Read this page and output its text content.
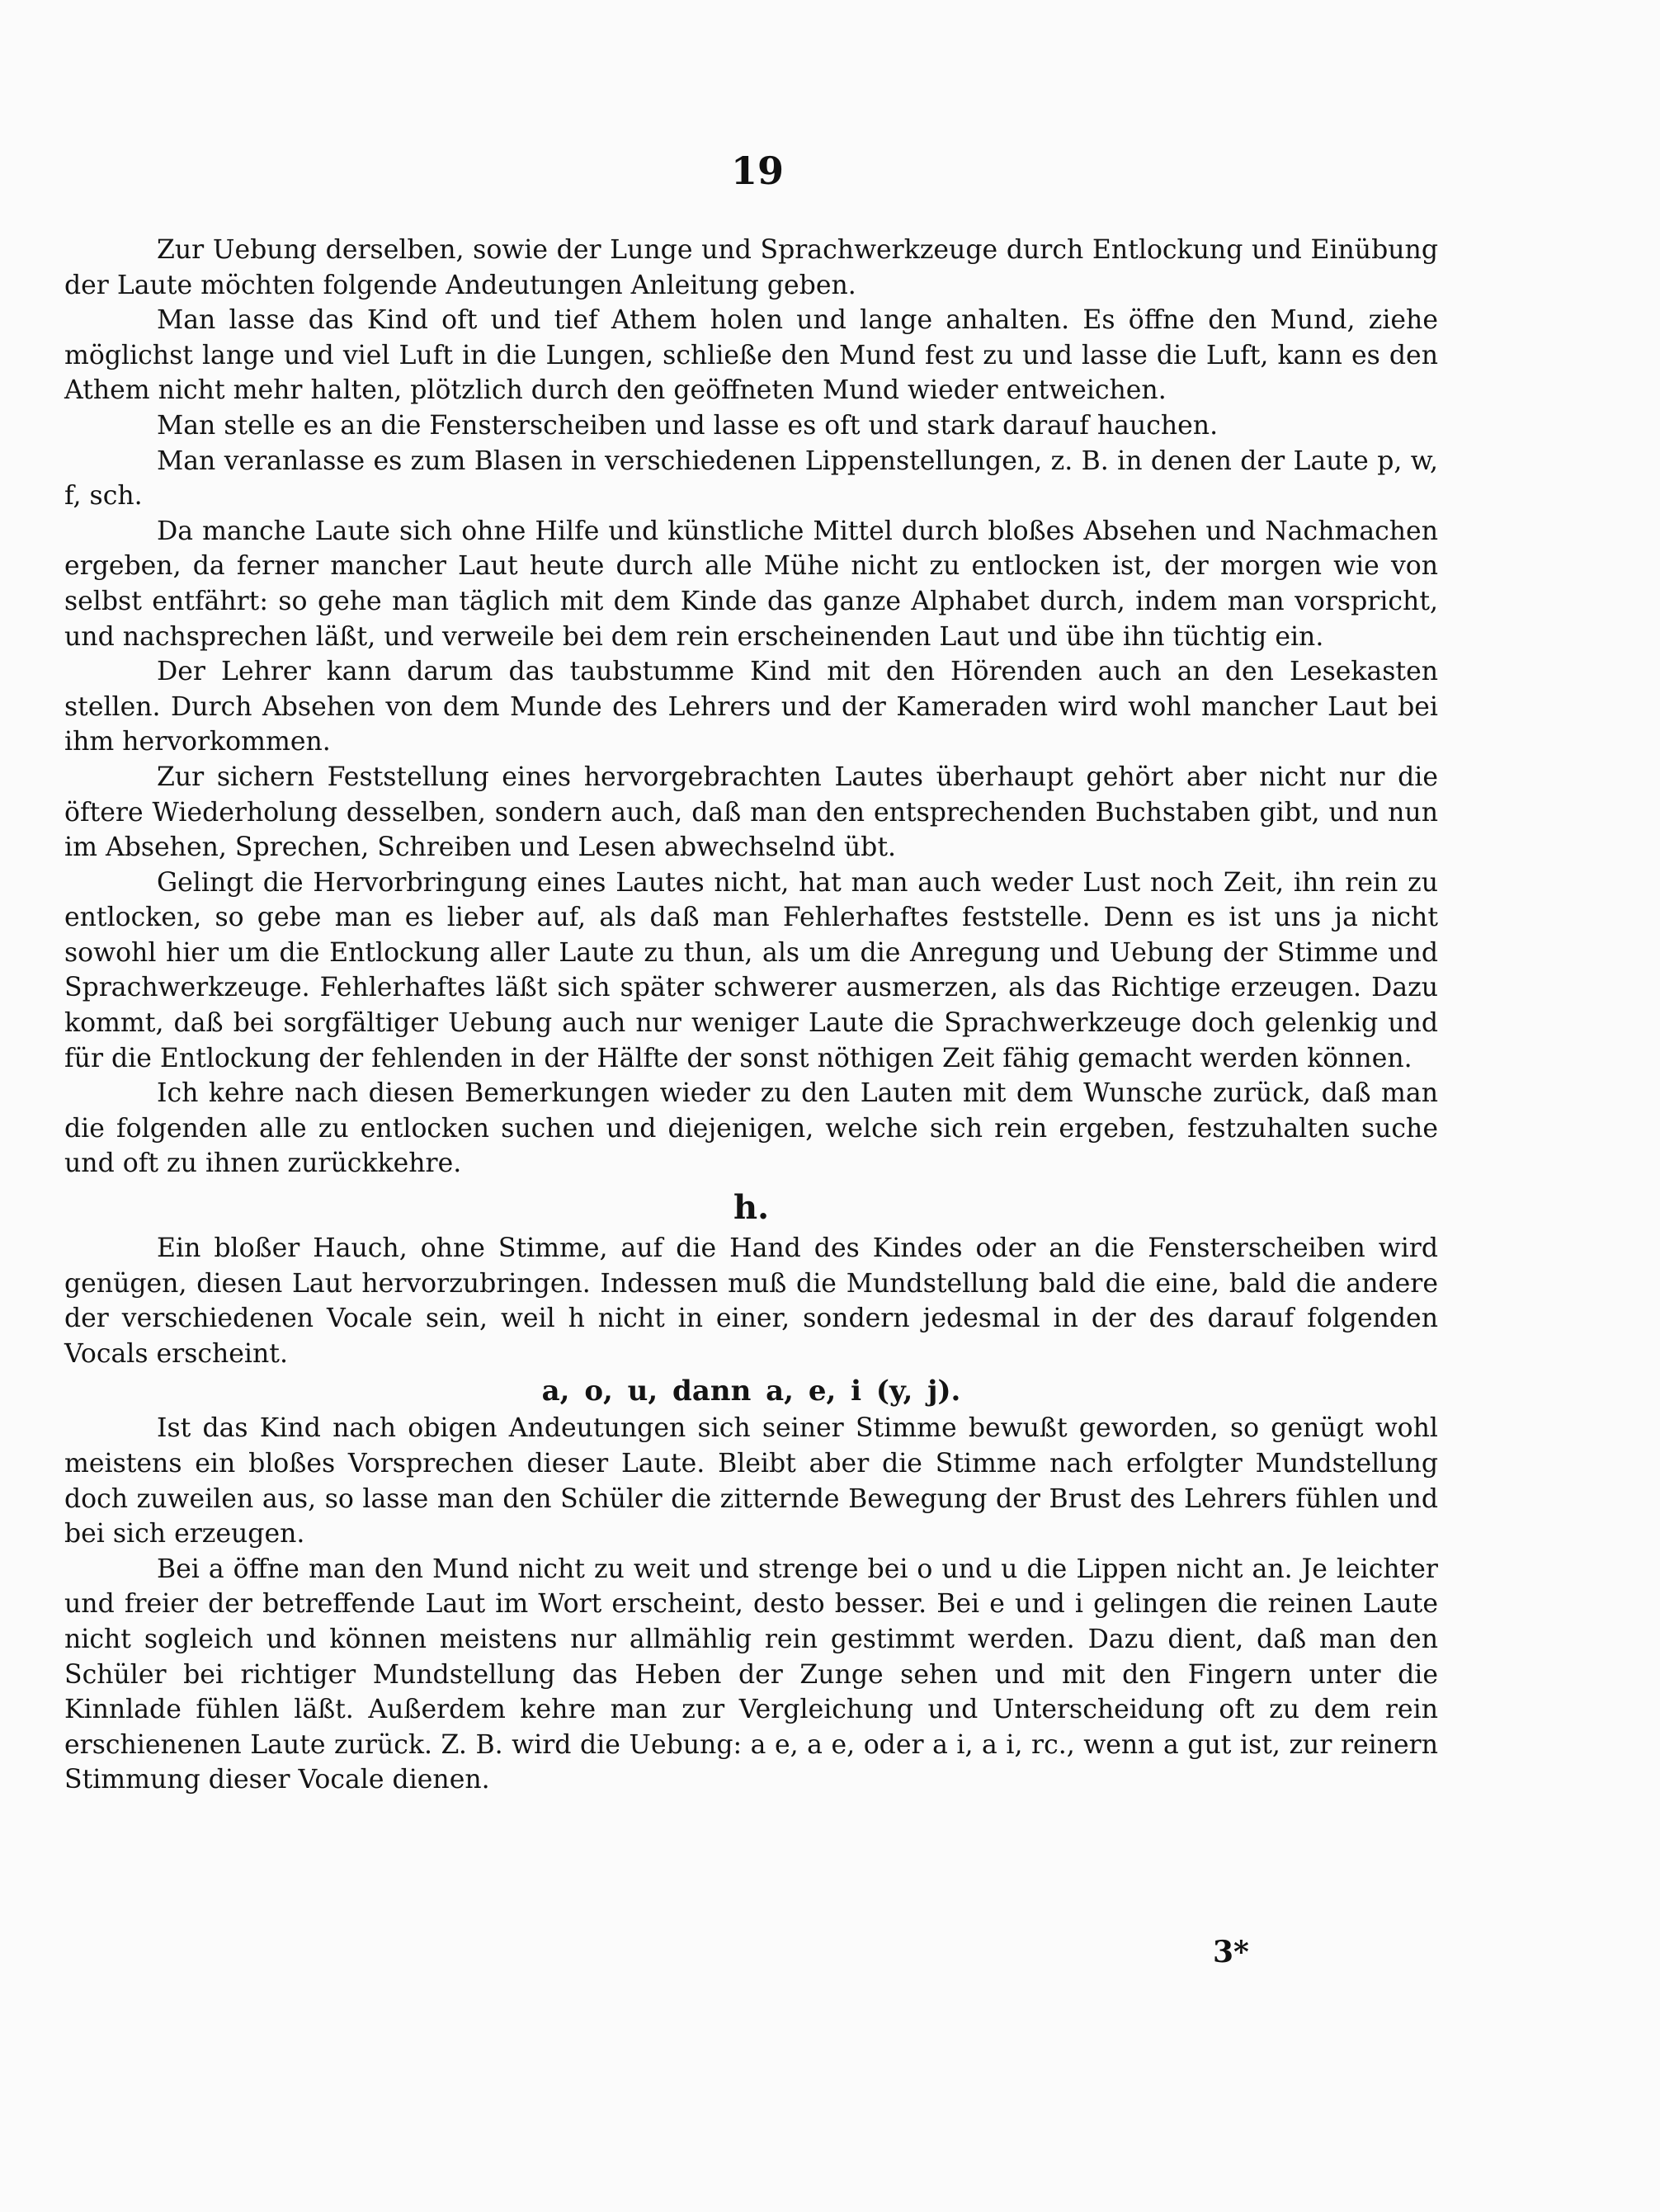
19

Zur Uebung derselben, sowie der Lunge und Sprachwerkzeuge durch Entlockung und Einübung der Laute möchten folgende Andeutungen Anleitung geben.

Man lasse das Kind oft und tief Athem holen und lange anhalten. Es öffne den Mund, ziehe möglichst lange und viel Luft in die Lungen, schließe den Mund fest zu und lasse die Luft, kann es den Athem nicht mehr halten, plötzlich durch den geöffneten Mund wieder entweichen.

Man stelle es an die Fensterscheiben und lasse es oft und stark darauf hauchen.

Man veranlasse es zum Blasen in verschiedenen Lippenstellungen, z. B. in denen der Laute p, w, f, sch.

Da manche Laute sich ohne Hilfe und künstliche Mittel durch bloßes Absehen und Nachmachen ergeben, da ferner mancher Laut heute durch alle Mühe nicht zu entlocken ist, der morgen wie von selbst entfährt: so gehe man täglich mit dem Kinde das ganze Alphabet durch, indem man vorspricht, und nachsprechen läßt, und verweile bei dem rein erscheinenden Laut und übe ihn tüchtig ein.

Der Lehrer kann darum das taubstumme Kind mit den Hörenden auch an den Lesekasten stellen. Durch Absehen von dem Munde des Lehrers und der Kameraden wird wohl mancher Laut bei ihm hervorkommen.

Zur sichern Feststellung eines hervorgebrachten Lautes überhaupt gehört aber nicht nur die öftere Wiederholung desselben, sondern auch, daß man den entsprechenden Buchstaben gibt, und nun im Absehen, Sprechen, Schreiben und Lesen abwechselnd übt.

Gelingt die Hervorbringung eines Lautes nicht, hat man auch weder Lust noch Zeit, ihn rein zu entlocken, so gebe man es lieber auf, als daß man Fehlerhaftes feststelle. Denn es ist uns ja nicht sowohl hier um die Entlockung aller Laute zu thun, als um die Anregung und Uebung der Stimme und Sprachwerkzeuge. Fehlerhaftes läßt sich später schwerer ausmerzen, als das Richtige erzeugen. Dazu kommt, daß bei sorgfältiger Uebung auch nur weniger Laute die Sprachwerkzeuge doch gelenkig und für die Entlockung der fehlenden in der Hälfte der sonst nöthigen Zeit fähig gemacht werden können.

Ich kehre nach diesen Bemerkungen wieder zu den Lauten mit dem Wunsche zurück, daß man die folgenden alle zu entlocken suchen und diejenigen, welche sich rein ergeben, festzuhalten suche und oft zu ihnen zurückkehre.

h.

Ein bloßer Hauch, ohne Stimme, auf die Hand des Kindes oder an die Fensterscheiben wird genügen, diesen Laut hervorzubringen. Indessen muß die Mundstellung bald die eine, bald die andere der verschiedenen Vocale sein, weil h nicht in einer, sondern jedesmal in der des darauf folgenden Vocals erscheint.

a, o, u, dann a, e, i (y, j).

Ist das Kind nach obigen Andeutungen sich seiner Stimme bewußt geworden, so genügt wohl meistens ein bloßes Vorsprechen dieser Laute. Bleibt aber die Stimme nach erfolgter Mundstellung doch zuweilen aus, so lasse man den Schüler die zitternde Bewegung der Brust des Lehrers fühlen und bei sich erzeugen.

Bei a öffne man den Mund nicht zu weit und strenge bei o und u die Lippen nicht an. Je leichter und freier der betreffende Laut im Wort erscheint, desto besser. Bei e und i gelingen die reinen Laute nicht sogleich und können meistens nur allmählig rein gestimmt werden. Dazu dient, daß man den Schüler bei richtiger Mundstellung das Heben der Zunge sehen und mit den Fingern unter die Kinnlade fühlen läßt. Außerdem kehre man zur Vergleichung und Unterscheidung oft zu dem rein erschienenen Laute zurück. Z. B. wird die Uebung: a e, a e, oder a i, a i, rc., wenn a gut ist, zur reinern Stimmung dieser Vocale dienen.

3*
